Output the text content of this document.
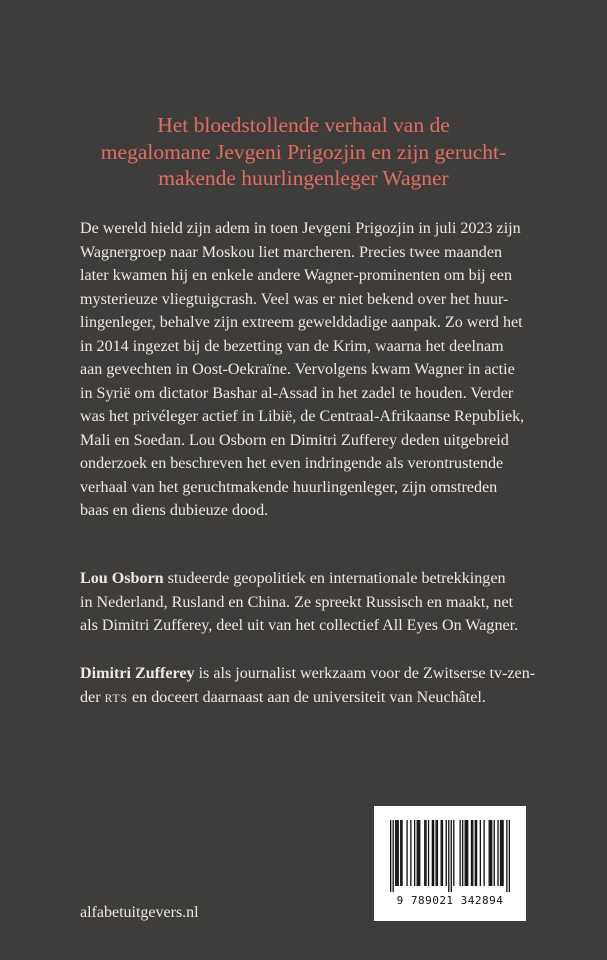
Het bloedstollende verhaal van de
megalomane Jevgeni Prigozjin en zijn gerucht-
makende huurlingenleger Wagner
De wereld hield zijn adem in toen Jevgeni Prigozjin in juli 2023 zijn
Wagnergroep naar Moskou liet marcheren. Precies twee maanden
later kwamen hij en enkele andere Wagner-prominenten om bij een
mysterieuze vliegtuigcrash. Veel was er niet bekend over het huur-
lingenleger, behalve zijn extreem gewelddadige aanpak. Zo werd het
in 2014 ingezet bij de bezetting van de Krim, waarna het deelnam
aan gevechten in Oost-Oekraïne. Vervolgens kwam Wagner in actie
in Syrië om dictator Bashar al-Assad in het zadel te houden. Verder
was het privéleger actief in Libië, de Centraal-Afrikaanse Republiek,
Mali en Soedan. Lou Osborn en Dimitri Zufferey deden uitgebreid
onderzoek en beschreven het even indringende als verontrustende
verhaal van het geruchtmakende huurlingenleger, zijn omstreden
baas en diens dubieuze dood.
Lou Osborn studeerde geopolitiek en internationale betrekkingen
in Nederland, Rusland en China. Ze spreekt Russisch en maakt, net
als Dimitri Zufferey, deel uit van het collectief All Eyes On Wagner.
Dimitri Zufferey is als journalist werkzaam voor de Zwitserse tv-zen-
der RTS en doceert daarnaast aan de universiteit van Neuchâtel.
alfabetuitgevers.nl
9 789021 342894
